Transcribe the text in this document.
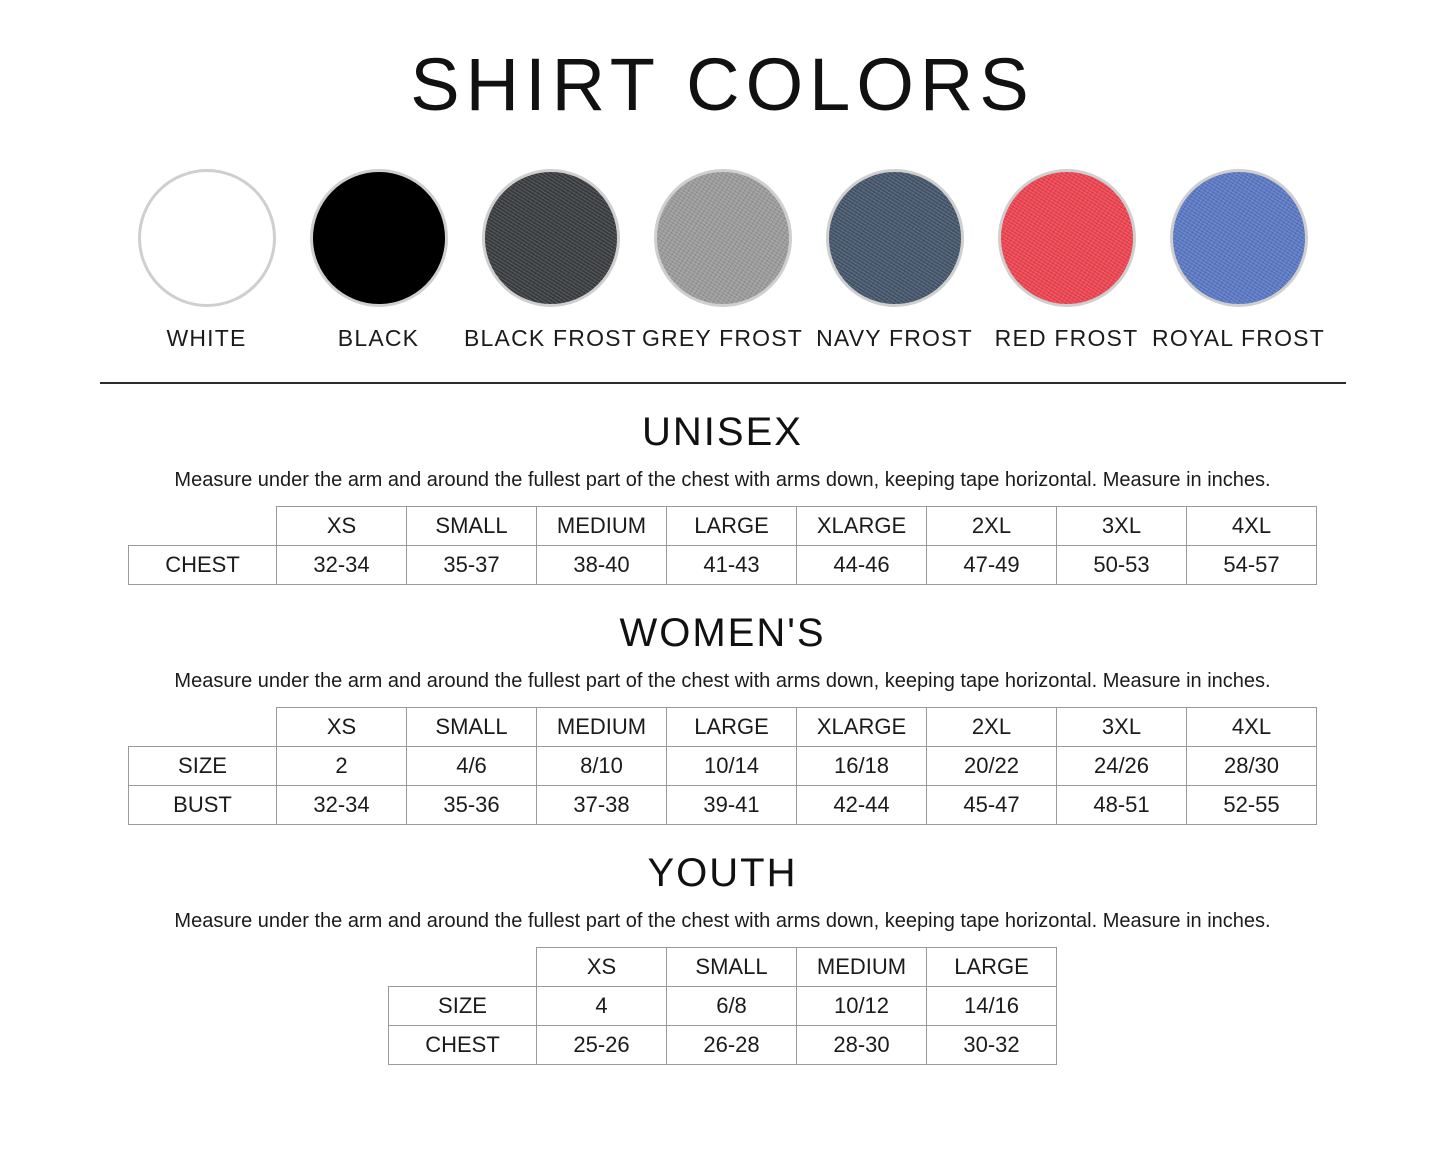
SHIRT COLORS
WHITE	BLACK BLACK FROST GREY FROST NAVY FROST RED FROST ROYAL FROST
UNISEX

Measure under the arm and around the fullest part of the chest with arms down, keeping tape horizontal. Measure in inches.

	XS	SMALL	MEDIUM	LARGE	XLARGE	2XL	3XL	4XL
CHEST	32-34	35-37	38-40	41-43	44-46	47-49	50-53	54-57
WOMEN'S

Measure under the arm and around the fullest part of the chest with arms down, keeping tape horizontal. Measure in inches.

	XS	SMALL	MEDIUM	LARGE	XLARGE	2XL	3XL	4XL
SIZE	2	4/6	8/10	10/14	16/18	20/22	24/26	28/30
BUST	32-34	35-36	37-38	39-41	42-44	45-47	48-51	52-55
YOUTH

Measure under the arm and around the fullest part of the chest with arms down, keeping tape horizontal. Measure in inches.

	XS	SMALL	MEDIUM	LARGE
SIZE	4	6/8	10/12	14/16
CHEST	25-26	26-28	28-30	30-32
